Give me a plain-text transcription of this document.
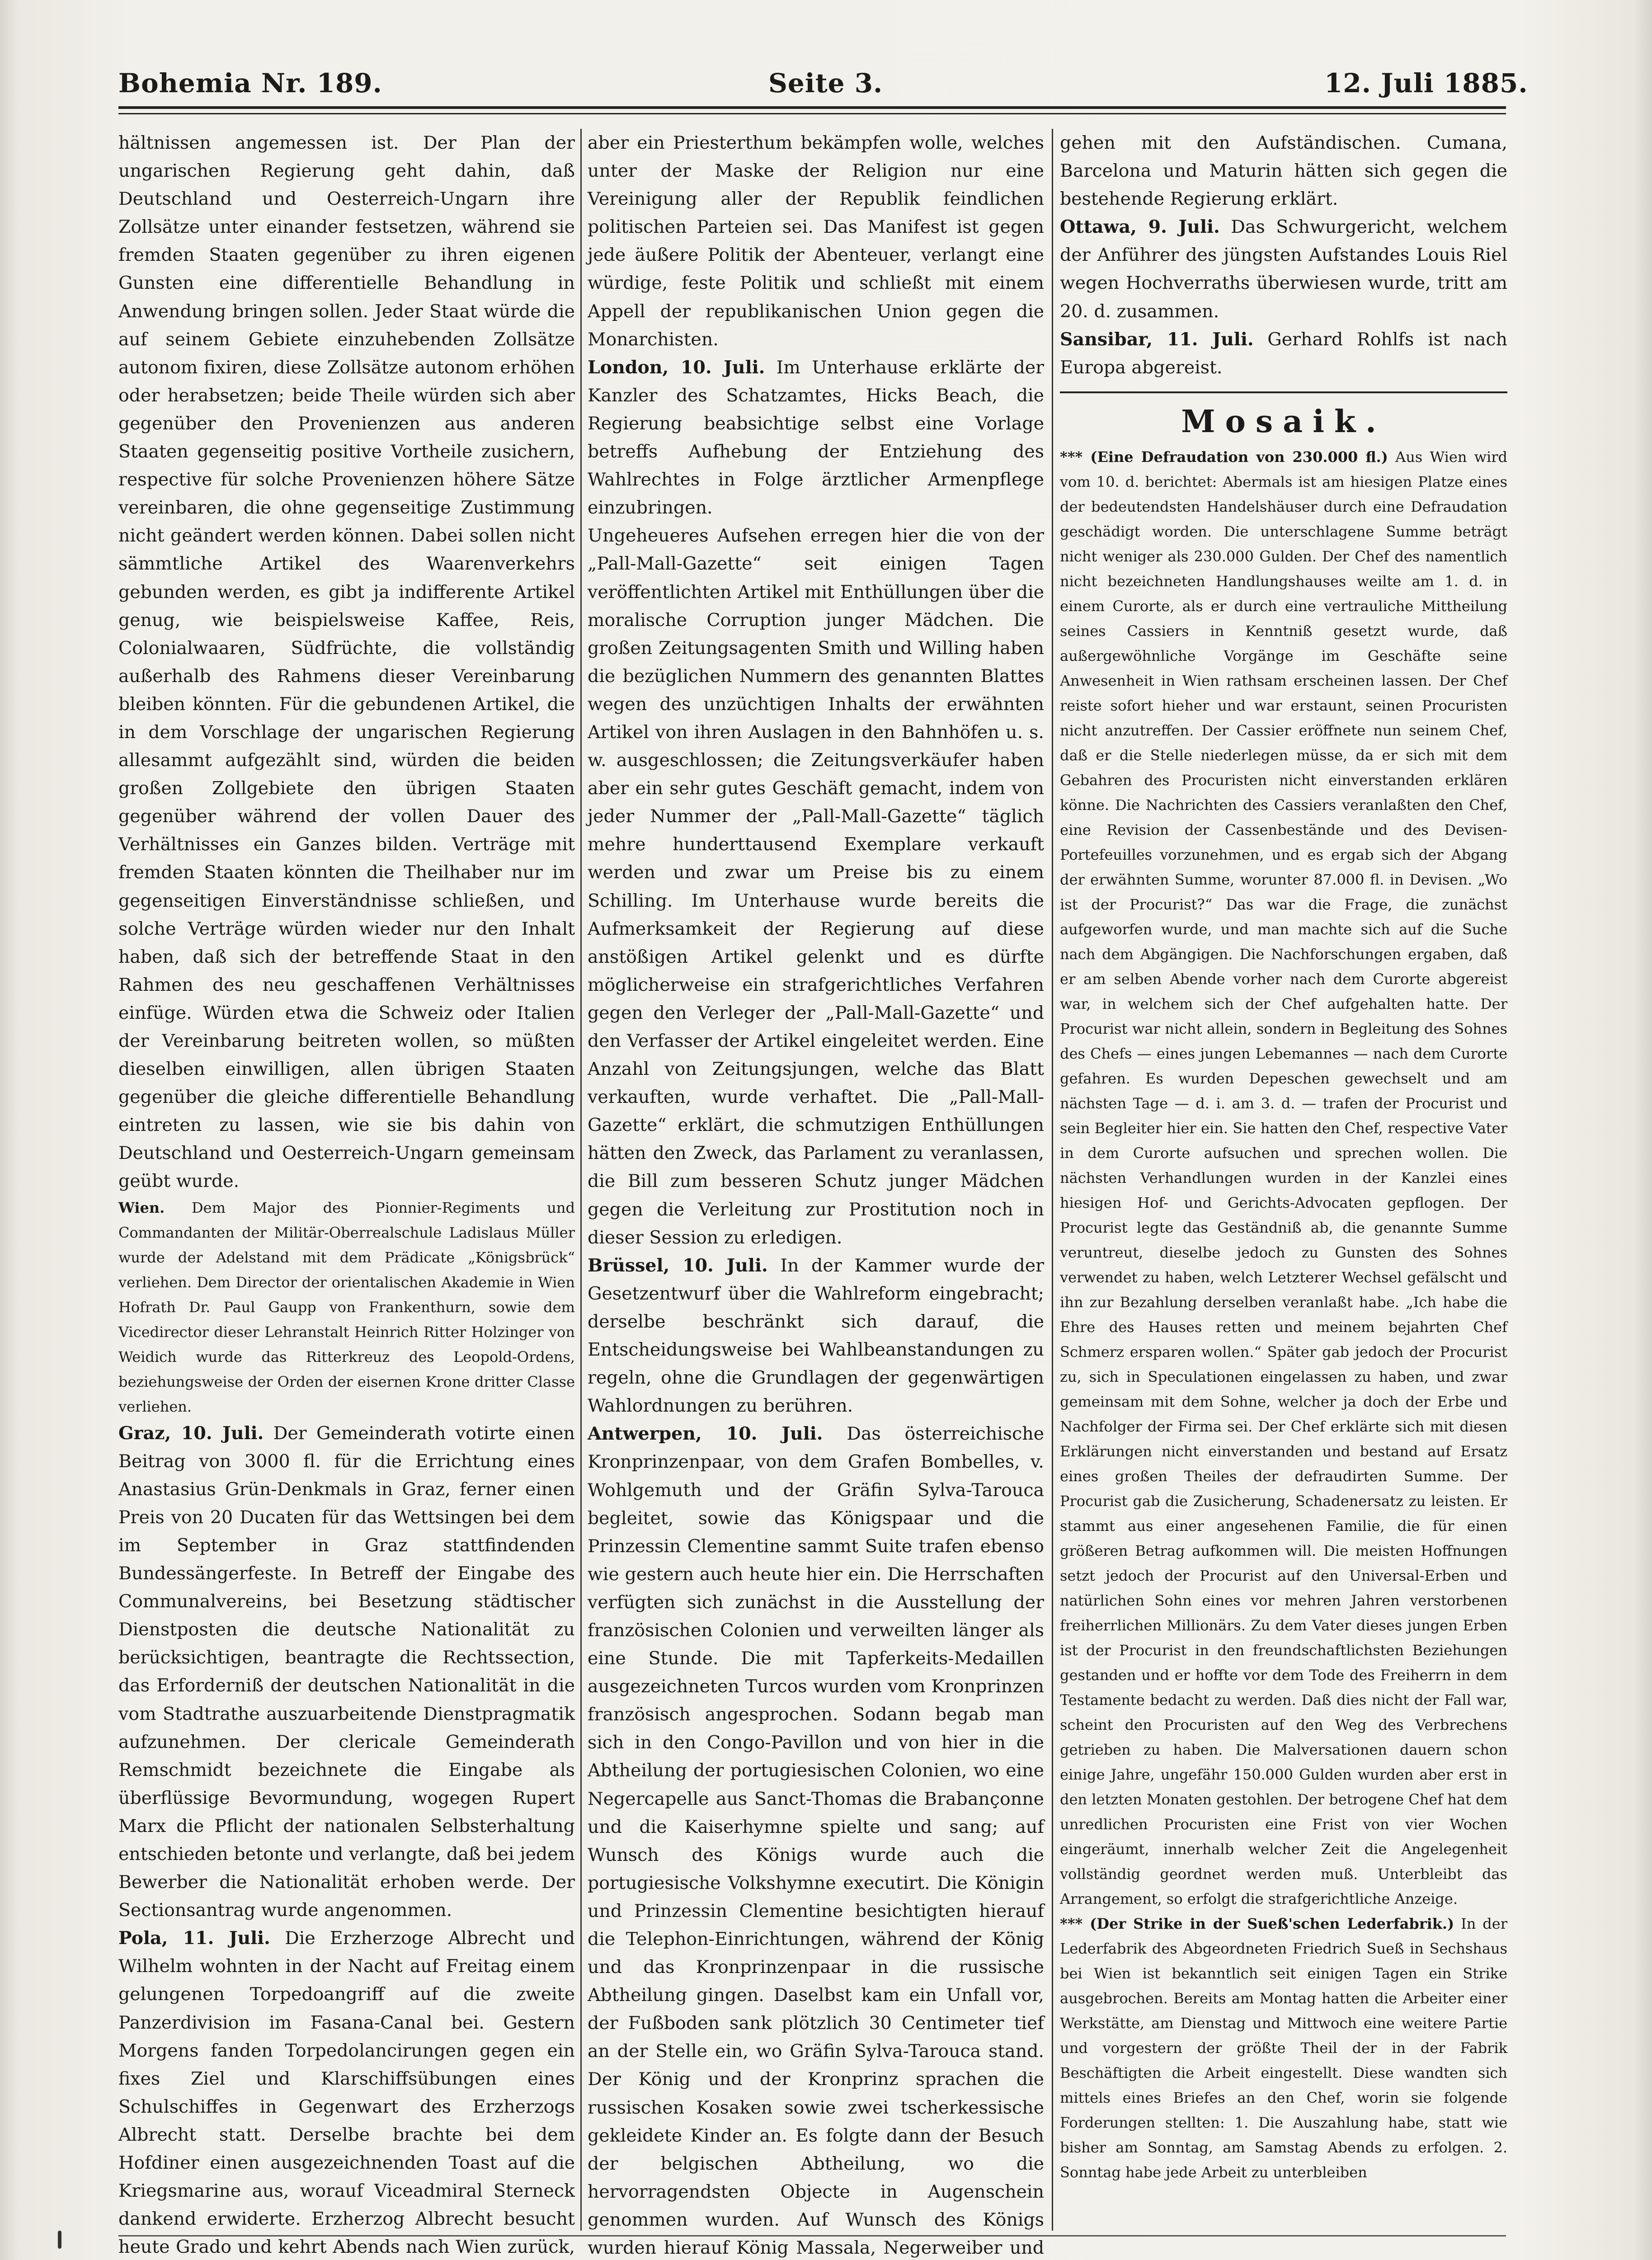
Bohemia Nr. 189.	Seite 3.	12. Juli 1885.

hältnissen angemessen ist. Der Plan der ungarischen Regierung geht dahin, daß Deutschland und Oesterreich-Ungarn ihre Zollsätze unter einander festsetzen, während sie fremden Staaten gegenüber zu ihren eigenen Gunsten eine differentielle Behandlung in Anwendung bringen sollen. Jeder Staat würde die auf seinem Gebiete einzuhebenden Zollsätze autonom fixiren, diese Zollsätze autonom erhöhen oder herabsetzen; beide Theile würden sich aber gegenüber den Provenienzen aus anderen Staaten gegenseitig positive Vortheile zusichern, respective für solche Provenienzen höhere Sätze vereinbaren, die ohne gegenseitige Zustimmung nicht geändert werden können. Dabei sollen nicht sämmtliche Artikel des Waarenverkehrs gebunden werden, es gibt ja indifferente Artikel genug, wie beispielsweise Kaffee, Reis, Colonialwaaren, Südfrüchte, die vollständig außerhalb des Rahmens dieser Vereinbarung bleiben könnten. Für die gebundenen Artikel, die in dem Vorschlage der ungarischen Regierung allesammt aufgezählt sind, würden die beiden großen Zollgebiete den übrigen Staaten gegenüber während der vollen Dauer des Verhältnisses ein Ganzes bilden. Verträge mit fremden Staaten könnten die Theilhaber nur im gegenseitigen Einverständnisse schließen, und solche Verträge würden wieder nur den Inhalt haben, daß sich der betreffende Staat in den Rahmen des neu geschaffenen Verhältnisses einfüge. Würden etwa die Schweiz oder Italien der Vereinbarung beitreten wollen, so müßten dieselben einwilligen, allen übrigen Staaten gegenüber die gleiche differentielle Behandlung eintreten zu lassen, wie sie bis dahin von Deutschland und Oesterreich-Ungarn gemeinsam geübt wurde.

Wien. Dem Major des Pionnier-Regiments und Commandanten der Militär-Oberrealschule Ladislaus Müller wurde der Adelstand mit dem Prädicate „Königsbrück“ verliehen. Dem Director der orientalischen Akademie in Wien Hofrath Dr. Paul Gaupp von Frankenthurn, sowie dem Vicedirector dieser Lehranstalt Heinrich Ritter Holzinger von Weidich wurde das Ritterkreuz des Leopold-Ordens, beziehungsweise der Orden der eisernen Krone dritter Classe verliehen.

Graz, 10. Juli. Der Gemeinderath votirte einen Beitrag von 3000 fl. für die Errichtung eines Anastasius Grün-Denkmals in Graz, ferner einen Preis von 20 Ducaten für das Wettsingen bei dem im September in Graz stattfindenden Bundessängerfeste. In Betreff der Eingabe des Communalvereins, bei Besetzung städtischer Dienstposten die deutsche Nationalität zu berücksichtigen, beantragte die Rechtssection, das Erforderniß der deutschen Nationalität in die vom Stadtrathe auszuarbeitende Dienstpragmatik aufzunehmen. Der clericale Gemeinderath Remschmidt bezeichnete die Eingabe als überflüssige Bevormundung, wogegen Rupert Marx die Pflicht der nationalen Selbsterhaltung entschieden betonte und verlangte, daß bei jedem Bewerber die Nationalität erhoben werde. Der Sectionsantrag wurde angenommen.

Pola, 11. Juli. Die Erzherzoge Albrecht und Wilhelm wohnten in der Nacht auf Freitag einem gelungenen Torpedoangriff auf die zweite Panzerdivision im Fasana-Canal bei. Gestern Morgens fanden Torpedolancirungen gegen ein fixes Ziel und Klarschiffsübungen eines Schulschiffes in Gegenwart des Erzherzogs Albrecht statt. Derselbe brachte bei dem Hofdiner einen ausgezeichnenden Toast auf die Kriegsmarine aus, worauf Viceadmiral Sterneck dankend erwiderte. Erzherzog Albrecht besucht heute Grado und kehrt Abends nach Wien zurück,

aber ein Priesterthum bekämpfen wolle, welches unter der Maske der Religion nur eine Vereinigung aller der Republik feindlichen politischen Parteien sei. Das Manifest ist gegen jede äußere Politik der Abenteuer, verlangt eine würdige, feste Politik und schließt mit einem Appell der republikanischen Union gegen die Monarchisten.

London, 10. Juli. Im Unterhause erklärte der Kanzler des Schatzamtes, Hicks Beach, die Regierung beabsichtige selbst eine Vorlage betreffs Aufhebung der Entziehung des Wahlrechtes in Folge ärztlicher Armenpflege einzubringen.

Ungeheueres Aufsehen erregen hier die von der „Pall-Mall-Gazette“ seit einigen Tagen veröffentlichten Artikel mit Enthüllungen über die moralische Corruption junger Mädchen. Die großen Zeitungsagenten Smith und Willing haben die bezüglichen Nummern des genannten Blattes wegen des unzüchtigen Inhalts der erwähnten Artikel von ihren Auslagen in den Bahnhöfen u. s. w. ausgeschlossen; die Zeitungsverkäufer haben aber ein sehr gutes Geschäft gemacht, indem von jeder Nummer der „Pall-Mall-Gazette“ täglich mehre hunderttausend Exemplare verkauft werden und zwar um Preise bis zu einem Schilling. Im Unterhause wurde bereits die Aufmerksamkeit der Regierung auf diese anstößigen Artikel gelenkt und es dürfte möglicherweise ein strafgerichtliches Verfahren gegen den Verleger der „Pall-Mall-Gazette“ und den Verfasser der Artikel eingeleitet werden. Eine Anzahl von Zeitungsjungen, welche das Blatt verkauften, wurde verhaftet. Die „Pall-Mall-Gazette“ erklärt, die schmutzigen Enthüllungen hätten den Zweck, das Parlament zu veranlassen, die Bill zum besseren Schutz junger Mädchen gegen die Verleitung zur Prostitution noch in dieser Session zu erledigen.

Brüssel, 10. Juli. In der Kammer wurde der Gesetzentwurf über die Wahlreform eingebracht; derselbe beschränkt sich darauf, die Entscheidungsweise bei Wahlbeanstandungen zu regeln, ohne die Grundlagen der gegenwärtigen Wahlordnungen zu berühren.

Antwerpen, 10. Juli. Das österreichische Kronprinzenpaar, von dem Grafen Bombelles, v. Wohlgemuth und der Gräfin Sylva-Tarouca begleitet, sowie das Königspaar und die Prinzessin Clementine sammt Suite trafen ebenso wie gestern auch heute hier ein. Die Herrschaften verfügten sich zunächst in die Ausstellung der französischen Colonien und verweilten länger als eine Stunde. Die mit Tapferkeits-Medaillen ausgezeichneten Turcos wurden vom Kronprinzen französisch angesprochen. Sodann begab man sich in den Congo-Pavillon und von hier in die Abtheilung der portugiesischen Colonien, wo eine Negercapelle aus Sanct-Thomas die Brabançonne und die Kaiserhymne spielte und sang; auf Wunsch des Königs wurde auch die portugiesische Volkshymne executirt. Die Königin und Prinzessin Clementine besichtigten hierauf die Telephon-Einrichtungen, während der König und das Kronprinzenpaar in die russische Abtheilung gingen. Daselbst kam ein Unfall vor, der Fußboden sank plötzlich 30 Centimeter tief an der Stelle ein, wo Gräfin Sylva-Tarouca stand. Der König und der Kronprinz sprachen die russischen Kosaken sowie zwei tscherkessische gekleidete Kinder an. Es folgte dann der Besuch der belgischen Abtheilung, wo die hervorragendsten Objecte in Augenschein genommen wurden. Auf Wunsch des Königs wurden hierauf König Massala, Negerweiber und

gehen mit den Aufständischen. Cumana, Barcelona und Maturin hätten sich gegen die bestehende Regierung erklärt.

Ottawa, 9. Juli. Das Schwurgericht, welchem der Anführer des jüngsten Aufstandes Louis Riel wegen Hochverraths überwiesen wurde, tritt am 20. d. zusammen.

Sansibar, 11. Juli. Gerhard Rohlfs ist nach Europa abgereist.

Mosaik.

*** (Eine Defraudation von 230.000 fl.) Aus Wien wird vom 10. d. berichtet: Abermals ist am hiesigen Platze eines der bedeutendsten Handelshäuser durch eine Defraudation geschädigt worden. Die unterschlagene Summe beträgt nicht weniger als 230.000 Gulden. Der Chef des namentlich nicht bezeichneten Handlungshauses weilte am 1. d. in einem Curorte, als er durch eine vertrauliche Mittheilung seines Cassiers in Kenntniß gesetzt wurde, daß außergewöhnliche Vorgänge im Geschäfte seine Anwesenheit in Wien rathsam erscheinen lassen. Der Chef reiste sofort hieher und war erstaunt, seinen Procuristen nicht anzutreffen. Der Cassier eröffnete nun seinem Chef, daß er die Stelle niederlegen müsse, da er sich mit dem Gebahren des Procuristen nicht einverstanden erklären könne. Die Nachrichten des Cassiers veranlaßten den Chef, eine Revision der Cassenbestände und des Devisen-Portefeuilles vorzunehmen, und es ergab sich der Abgang der erwähnten Summe, worunter 87.000 fl. in Devisen. „Wo ist der Procurist?“ Das war die Frage, die zunächst aufgeworfen wurde, und man machte sich auf die Suche nach dem Abgängigen. Die Nachforschungen ergaben, daß er am selben Abende vorher nach dem Curorte abgereist war, in welchem sich der Chef aufgehalten hatte. Der Procurist war nicht allein, sondern in Begleitung des Sohnes des Chefs — eines jungen Lebemannes — nach dem Curorte gefahren. Es wurden Depeschen gewechselt und am nächsten Tage — d. i. am 3. d. — trafen der Procurist und sein Begleiter hier ein. Sie hatten den Chef, respective Vater in dem Curorte aufsuchen und sprechen wollen. Die nächsten Verhandlungen wurden in der Kanzlei eines hiesigen Hof- und Gerichts-Advocaten gepflogen. Der Procurist legte das Geständniß ab, die genannte Summe veruntreut, dieselbe jedoch zu Gunsten des Sohnes verwendet zu haben, welch Letzterer Wechsel gefälscht und ihn zur Bezahlung derselben veranlaßt habe. „Ich habe die Ehre des Hauses retten und meinem bejahrten Chef Schmerz ersparen wollen.“ Später gab jedoch der Procurist zu, sich in Speculationen eingelassen zu haben, und zwar gemeinsam mit dem Sohne, welcher ja doch der Erbe und Nachfolger der Firma sei. Der Chef erklärte sich mit diesen Erklärungen nicht einverstanden und bestand auf Ersatz eines großen Theiles der defraudirten Summe. Der Procurist gab die Zusicherung, Schadenersatz zu leisten. Er stammt aus einer angesehenen Familie, die für einen größeren Betrag aufkommen will. Die meisten Hoffnungen setzt jedoch der Procurist auf den Universal-Erben und natürlichen Sohn eines vor mehren Jahren verstorbenen freiherrlichen Millionärs. Zu dem Vater dieses jungen Erben ist der Procurist in den freundschaftlichsten Beziehungen gestanden und er hoffte vor dem Tode des Freiherrn in dem Testamente bedacht zu werden. Daß dies nicht der Fall war, scheint den Procuristen auf den Weg des Verbrechens getrieben zu haben. Die Malversationen dauern schon einige Jahre, ungefähr 150.000 Gulden wurden aber erst in den letzten Monaten gestohlen. Der betrogene Chef hat dem unredlichen Procuristen eine Frist von vier Wochen eingeräumt, innerhalb welcher Zeit die Angelegenheit vollständig geordnet werden muß. Unterbleibt das Arrangement, so erfolgt die strafgerichtliche Anzeige.

*** (Der Strike in der Sueß'schen Lederfabrik.) In der Lederfabrik des Abgeordneten Friedrich Sueß in Sechshaus bei Wien ist bekanntlich seit einigen Tagen ein Strike ausgebrochen. Bereits am Montag hatten die Arbeiter einer Werkstätte, am Dienstag und Mittwoch eine weitere Partie und vorgestern der größte Theil der in der Fabrik Beschäftigten die Arbeit eingestellt. Diese wandten sich mittels eines Briefes an den Chef, worin sie folgende Forderungen stellten: 1. Die Auszahlung habe, statt wie bisher am Sonntag, am Samstag Abends zu erfolgen. 2. Sonntag habe jede Arbeit zu unterbleiben
